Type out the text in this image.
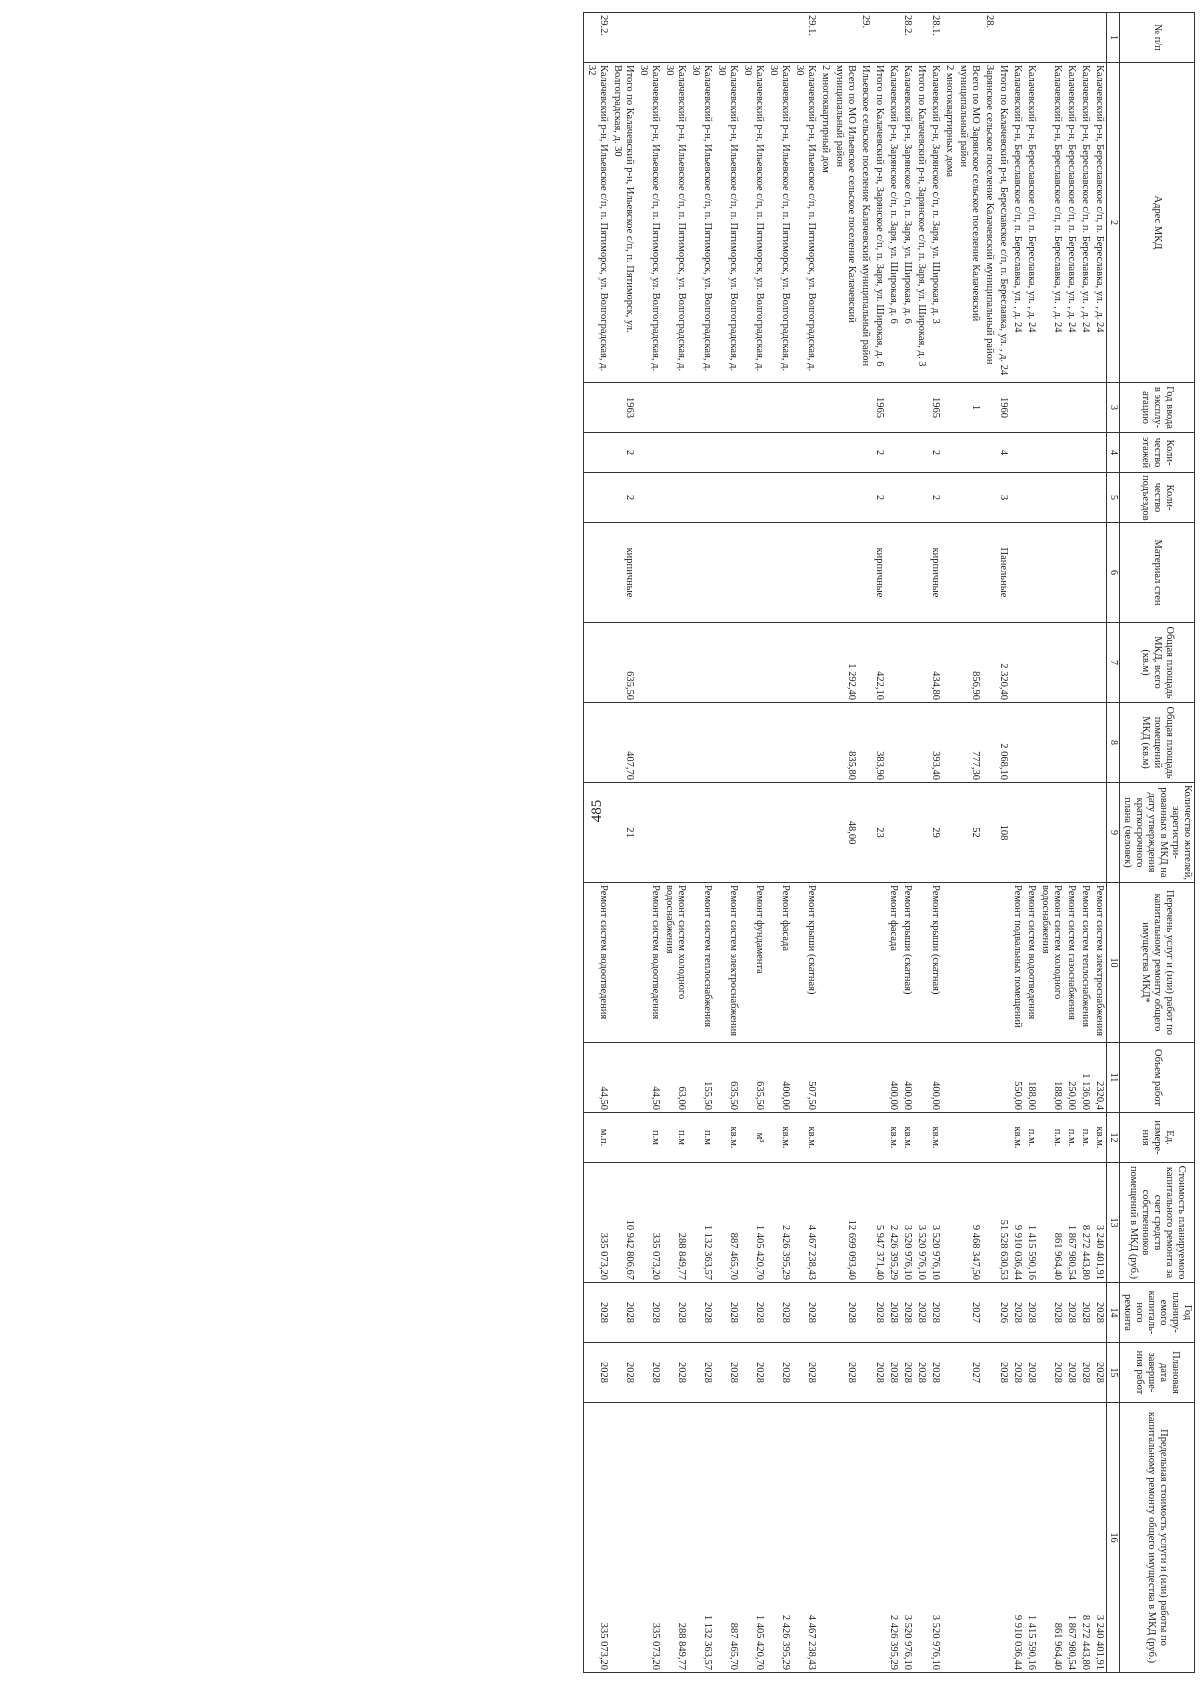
485
№ п/п	Адрес МКД	Год ввода в эксплу-атацию	Коли-чество этажей	Коли-чество подъездов	Материал стен	Общая площадь МКД, всего (кв.м)	Общая площадь помещений МКД (кв.м)	Количество жителей, зарегистри-рованных в МКД на дату утверждения краткосрочного плана (человек)	Перечень услуг и (или) работ по капитальному ремонту общего имущества МКД*	Объем работ	Ед. измере-ния	Стоимость планируемого капитального ремонта за счет средств собственников помещений в МКД (руб.)	Год планиру-емого капиталь-ного ремонта	Плановая дата заверше-ния работ	Предельная стоимость услуги и (или) работы по капитальному ремонту общего имущества в МКД (руб.)
1	2	3	4	5	6	7	8	9	10	11	12	13	14	15	16
	Калачевский р-н, Береславское с/п, п. Береславка, ул. , д. 24								Ремонт систем электроснабжения	2320,4	кв.м.	3 240 401,91	2028	2028	3 240 401,91
	Калачевский р-н, Береславское с/п, п. Береславка, ул. , д. 24								Ремонт систем теплоснабжения	1 136,00	п.м.	8 272 443,80	2028	2028	8 272 443,80
	Калачевский р-н, Береславское с/п, п. Береславка, ул. , д. 24								Ремонт систем газоснабжения	250,00	п.м.	1 867 980,54	2028	2028	1 867 980,54
	Калачевский р-н, Береславское с/п, п. Береславка, ул. , д. 24								Ремонт систем холодного водоснабжения	188,00	п.м.	861 964,40	2028	2028	861 964,40
	Калачевский р-н, Береславское с/п, п. Береславка, ул. , д. 24								Ремонт систем водоотведения	188,00	п.м.	1 415 590,16	2028	2028	1 415 590,16
	Калачевский р-н, Береславское с/п, п. Береславка, ул. , д. 24								Ремонт подвальных помещений	550,00	кв.м.	9 910 036,44	2028	2028	9 910 036,44
	Итого по Калачевский р-н, Береславское с/п, п. Береславка, ул. , д. 24	1960	4	3	Панельные	2 320,40	2 068,10	108				51 528 630,53	2026	2028	
28.	Зарянское сельское поселение Калачевский муниципальный район														
	Всего по МО Зарянское сельское поселение Калачевский муниципальный район	1				856,90	777,30	52				9 468 347,50	2027	2027	
	2 многоквартирных дома														
28.1.	Калачевский р-н, Зарянское с/п, п. Заря, ул. Широкая, д. 3	1965	2	2	кирпичные	434,80	393,40	29	Ремонт крыши (скатная)	400,00	кв.м.	3 520 976,10	2028	2028	3 520 976,10
	Итого по Калачевский р-н, Зарянское с/п, п. Заря, ул. Широкая, д. 3											3 520 976,10	2028	2028	
28.2.	Калачевский р-н, Зарянское с/п, п. Заря, ул. Широкая, д. 6								Ремонт крыши (скатная)	400,00	кв.м.	3 520 976,10	2028	2028	3 520 976,10
	Калачевский р-н, Зарянское с/п, п. Заря, ул. Широкая, д. 6								Ремонт фасада	400,00	кв.м.	2 426 395,29	2028	2028	2 426 395,29
	Итого по Калачевский р-н, Зарянское с/п, п. Заря, ул. Широкая, д. 6	1965	2	2	кирпичные	422,10	383,90	23				5 947 371,40	2028	2028	
29.	Ильевское сельское поселение Калачевский муниципальный район														
	Всего по МО Ильевское сельское поселение Калачевский муниципальный район					1 292,40	835,80	48,00				12 699 093,40	2028	2028	
	2 многоквартирный дом														
29.1.	Калачевский р-н, Ильевское с/п, п. Пятиморск, ул. Волгоградская, д. 30								Ремонт крыши (скатная)	507,50	кв.м.	4 467 238,43	2028	2028	4 467 238,43
	Калачевский р-н, Ильевское с/п, п. Пятиморск, ул. Волгоградская, д. 30								Ремонт фасада	400,00	кв.м.	2 426 395,29	2028	2028	2 426 395,29
	Калачевский р-н, Ильевское с/п, п. Пятиморск, ул. Волгоградская, д. 30								Ремонт фундамента	635,50	м³	1 405 420,70	2028	2028	1 405 420,70
	Калачевский р-н, Ильевское с/п, п. Пятиморск, ул. Волгоградская, д. 30								Ремонт систем электроснабжения	635,50	кв.м.	887 465,70	2028	2028	887 465,70
	Калачевский р-н, Ильевское с/п, п. Пятиморск, ул. Волгоградская, д. 30								Ремонт систем теплоснабжения	155,50	п.м	1 132 363,57	2028	2028	1 132 363,57
	Калачевский р-н, Ильевское с/п, п. Пятиморск, ул. Волгоградская, д. 30								Ремонт систем холодного водоснабжения	63,00	п.м	288 849,77	2028	2028	288 849,77
	Калачевский р-н, Ильевское с/п, п. Пятиморск, ул. Волгоградская, д. 30								Ремонт систем водоотведения	44,50	п.м	335 073,20	2028	2028	335 073,20
	Итого по Калачевский р-н, Ильевское с/п, п. Пятиморск, ул. Волгоградская, д. 30	1963	2	2	кирпичные	635,50	407,70	21				10 942 806,67	2028	2028	
29.2.	Калачевский р-н, Ильевское с/п, п. Пятиморск, ул. Волгоградская, д. 32								Ремонт систем водоотведения	44,50	м.п.	335 073,20	2028	2028	335 073,20
